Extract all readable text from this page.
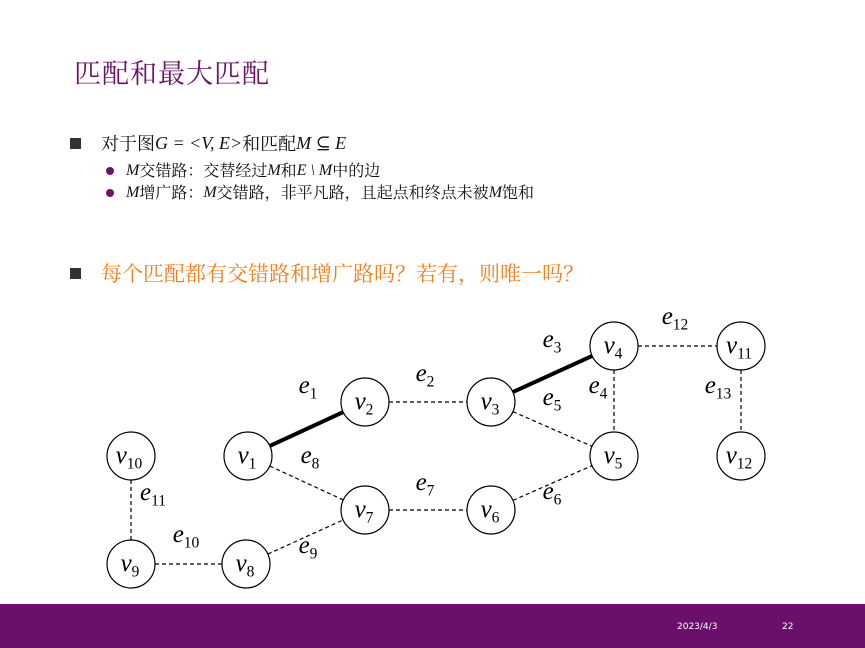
匹配和最大匹配
对于图 G = <V, E> 和匹配 M ⊆ E
M 交错路：交替经过 M 和 E \ M 中的边
M 增广路： M 交错路，非平凡路，且起点和终点未被 M 饱和
每个匹配都有交错路和增广路吗？若有，则唯一吗？
$v_1$
$v_2$	$v_3$
$v_4$
$v_5$
$v_6$
$v_7$
$v_8$
$v_9$
$v_{10}$
$v_{11}$
$v_{12}$
$e_1$
$e_2$
$e_3$
$e_4$
$e_5$
$e_6$
$e_7$
$e_8$
$e_9$
$e_{10}$
$e_{11}$
$e_{12}$
$e_{13}$
2023/4/3	22
